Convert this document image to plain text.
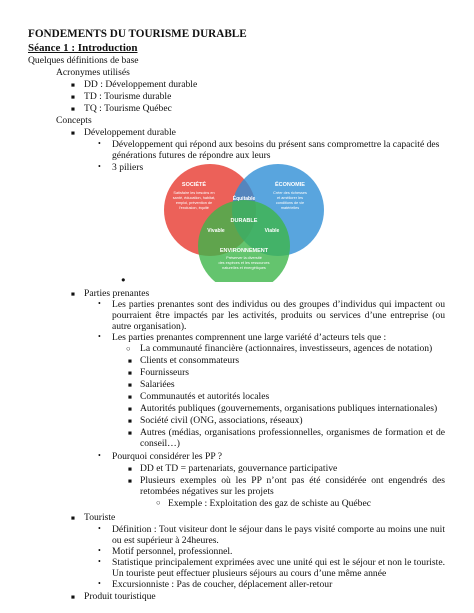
FONDEMENTS DU TOURISME DURABLE
Séance 1 : Introduction
Quelques définitions de base
Acronymes utilisés
■ DD : Développement durable
■ TD : Tourisme durable
■ TQ : Tourisme Québec
Concepts
■ Développement durable
• Développement qui répond aux besoins du présent sans compromettre la capacité des
générations futures de répondre aux leurs
• 3 piliers
SOCIÉTÉ
Satisfaire les besoins en
santé, éducation, habitat,
emploi, prévention de
l'exclusion, équité
ÉCONOMIE
Créer des richesses
et améliorer les
conditions de vie
matérielles
Équitable
DURABLE
Vivable	Viable
ENVIRONNEMENT
Préserver la diversité
des espèces et les ressources
naturelles et énergétiques
●
■ Parties prenantes
• Les parties prenantes sont des individus ou des groupes d’individus qui impactent ou pourraient être impactés par les activités, produits ou services d’une entreprise (ou autre organisation).
• Les parties prenantes comprennent une large variété d’acteurs tels que :
○ La communauté financière (actionnaires, investisseurs, agences de notation)
■ Clients et consommateurs
■ Fournisseurs
■ Salariées
■ Communautés et autorités locales
■ Autorités publiques (gouvernements, organisations publiques internationales)
■ Société civil (ONG, associations, réseaux)
■ Autres (médias, organisations professionnelles, organismes de formation et de conseil…)
• Pourquoi considérer les PP ?
■ DD et TD = partenariats, gouvernance participative
■ Plusieurs exemples où les PP n’ont pas été considérée ont engendrés des retombées négatives sur les projets
○ Exemple : Exploitation des gaz de schiste au Québec
■ Touriste
• Définition : Tout visiteur dont le séjour dans le pays visité comporte au moins une nuit ou est supérieur à 24heures.
• Motif personnel, professionnel.
• Statistique principalement exprimées avec une unité qui est le séjour et non le touriste. Un touriste peut effectuer plusieurs séjours au cours d’une même année
• Excursionniste : Pas de coucher, déplacement aller-retour
■ Produit touristique
